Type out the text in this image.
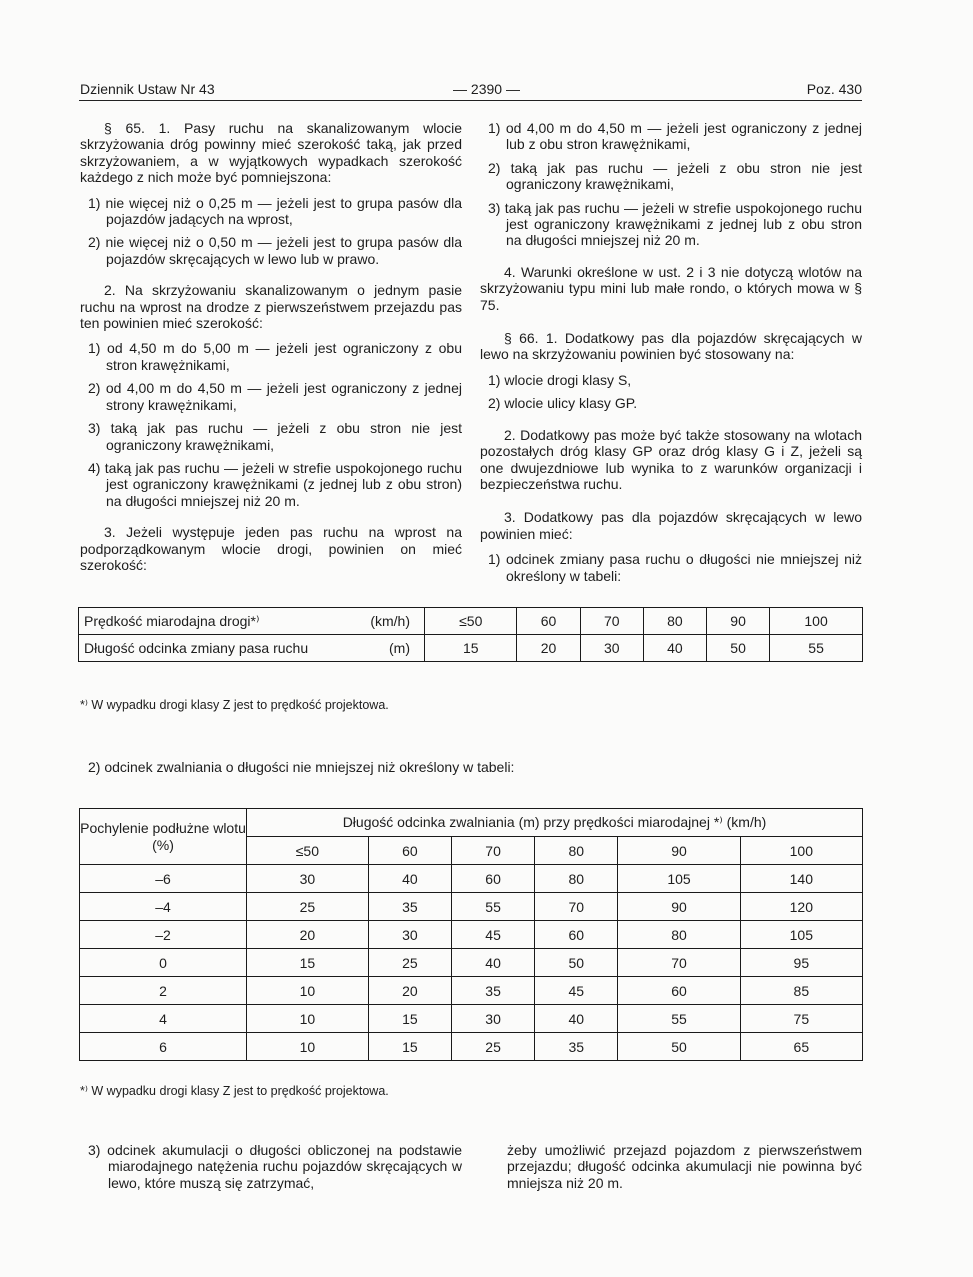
Dziennik Ustaw Nr 43	— 2390 —	Poz. 430

§ 65. 1. Pasy ruchu na skanalizowanym wlocie skrzyżowania dróg powinny mieć szerokość taką, jak przed skrzyżowaniem, a w wyjątkowych wypadkach szerokość każdego z nich może być pomniejszona:

1) nie więcej niż o 0,25 m — jeżeli jest to grupa pasów dla pojazdów jadących na wprost,

2) nie więcej niż o 0,50 m — jeżeli jest to grupa pasów dla pojazdów skręcających w lewo lub w prawo.

2. Na skrzyżowaniu skanalizowanym o jednym pasie ruchu na wprost na drodze z pierwszeństwem przejazdu pas ten powinien mieć szerokość:

1) od 4,50 m do 5,00 m — jeżeli jest ograniczony z obu stron krawężnikami,

2) od 4,00 m do 4,50 m — jeżeli jest ograniczony z jednej strony krawężnikami,

3) taką jak pas ruchu — jeżeli z obu stron nie jest ograniczony krawężnikami,

4) taką jak pas ruchu — jeżeli w strefie uspokojonego ruchu jest ograniczony krawężnikami (z jednej lub z obu stron) na długości mniejszej niż 20 m.

3. Jeżeli występuje jeden pas ruchu na wprost na podporządkowanym wlocie drogi, powinien on mieć szerokość:

1) od 4,00 m do 4,50 m — jeżeli jest ograniczony z jednej lub z obu stron krawężnikami,

2) taką jak pas ruchu — jeżeli z obu stron nie jest ograniczony krawężnikami,

3) taką jak pas ruchu — jeżeli w strefie uspokojonego ruchu jest ograniczony krawężnikami z jednej lub z obu stron na długości mniejszej niż 20 m.

4. Warunki określone w ust. 2 i 3 nie dotyczą wlotów na skrzyżowaniu typu mini lub małe rondo, o których mowa w § 75.

§ 66. 1. Dodatkowy pas dla pojazdów skręcających w lewo na skrzyżowaniu powinien być stosowany na:

1) wlocie drogi klasy S,

2) wlocie ulicy klasy GP.

2. Dodatkowy pas może być także stosowany na wlotach pozostałych dróg klasy GP oraz dróg klasy G i Z, jeżeli są one dwujezdniowe lub wynika to z warunków organizacji i bezpieczeństwa ruchu.

3. Dodatkowy pas dla pojazdów skręcających w lewo powinien mieć:

1) odcinek zmiany pasa ruchu o długości nie mniejszej niż określony w tabeli:

Prędkość miarodajna drogi*⁾ (km/h)	≤50	60	70	80	90	100

Długość odcinka zmiany pasa ruchu (m)	15	20	30	40	50	55
*⁾ W wypadku drogi klasy Z jest to prędkość projektowa.
2) odcinek zwalniania o długości nie mniejszej niż określony w tabeli:
Pochylenie podłużne wlotu (%)	Długość odcinka zwalniania (m) przy prędkości miarodajnej *⁾ (km/h)					
	≤50	60	70	80	90	100
–6	30	40	60	80	105	140
–4	25	35	55	70	90	120
–2	20	30	45	60	80	105
0	15	25	40	50	70	95
2	10	20	35	45	60	85
4	10	15	30	40	55	75
6	10	15	25	35	50	65
*⁾ W wypadku drogi klasy Z jest to prędkość projektowa.
3) odcinek akumulacji o długości obliczonej na podstawie miarodajnego natężenia ruchu pojazdów skręcających w lewo, które muszą się zatrzymać,
żeby umożliwić przejazd pojazdom z pierwszeństwem przejazdu; długość odcinka akumulacji nie powinna być mniejsza niż 20 m.
